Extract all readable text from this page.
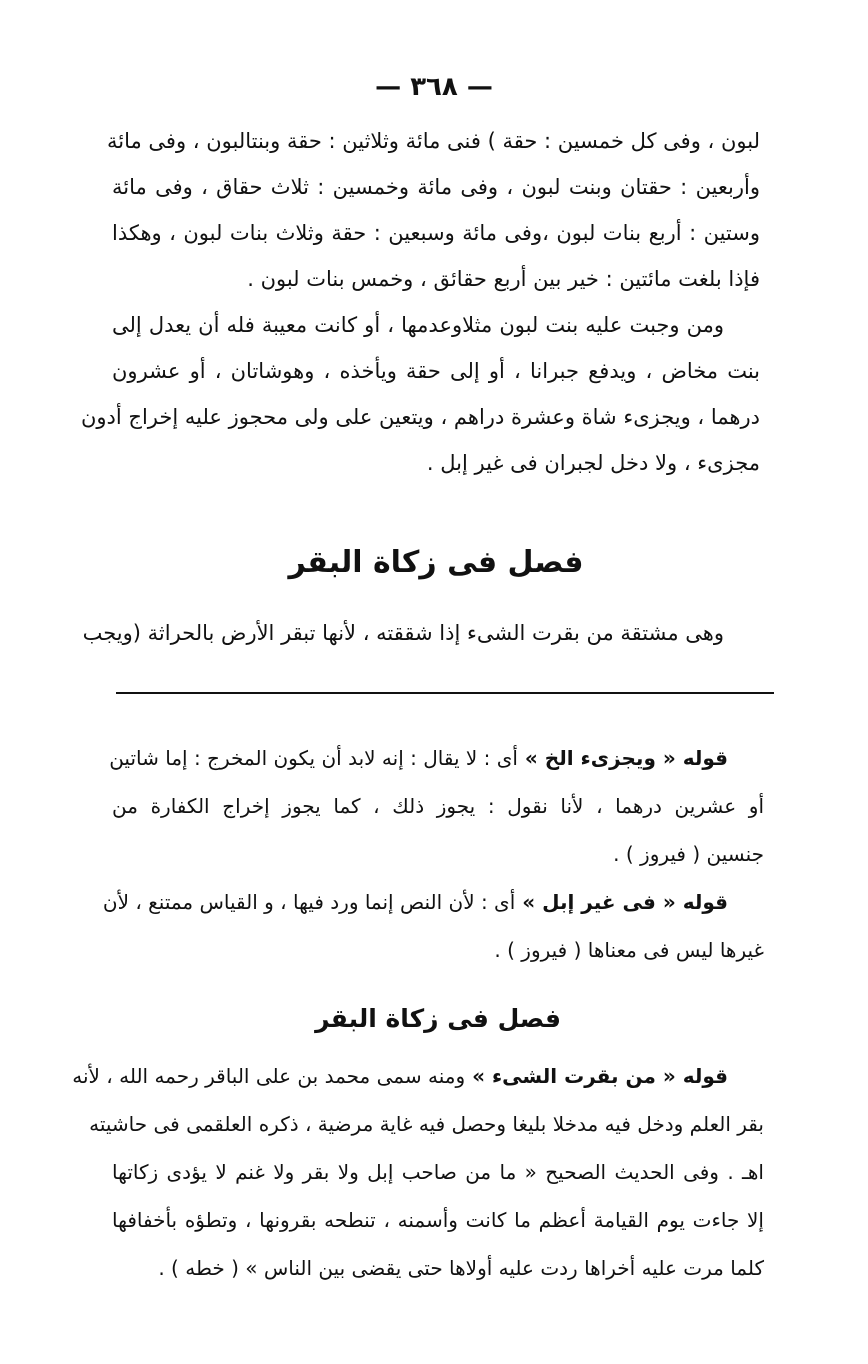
— ٣٦٨ —
لبون ، وفى كل خمسين : حقة ) فنى مائة وثلاثين : حقة وبنتالبون ، وفى مائة
وأربعين : حقتان وبنت لبون ، وفى مائة وخمسين : ثلاث حقاق ، وفى مائة
وستين : أربع بنات لبون ،وفى مائة وسبعين : حقة وثلاث بنات لبون ، وهكذا
فإذا بلغت مائتين : خير بين أربع حقائق ، وخمس بنات لبون .
ومن وجبت عليه بنت لبون مثلاوعدمها ، أو كانت معيبة فله أن يعدل إلى
بنت مخاض ، ويدفع جبرانا ، أو إلى حقة ويأخذه ، وهوشاتان ، أو عشرون
درهما ، ويجزىء شاة وعشرة دراهم ، ويتعين على ولى محجوز عليه إخراج أدون
مجزىء ، ولا دخل لجبران فى غير إبل .
فصل فى زكاة البقر
وهى مشتقة من بقرت الشىء إذا شققته ، لأنها تبقر الأرض بالحراثة (ويجب
قوله « ويجزىء الخ » أى : لا يقال : إنه لابد أن يكون المخرج : إما شاتين
أو عشرين درهما ، لأنا نقول : يجوز ذلك ، كما يجوز إخراج الكفارة من
جنسين ( فيروز ) .
قوله « فى غير إبل » أى : لأن النص إنما ورد فيها ، و القياس ممتنع ، لأن
غيرها ليس فى معناها ( فيروز ) .
فصل فى زكاة البقر
قوله « من بقرت الشىء » ومنه سمى محمد بن على الباقر رحمه الله ، لأنه
بقر العلم ودخل فيه مدخلا بليغا وحصل فيه غاية مرضية ، ذكره العلقمى فى حاشيته
اهـ . وفى الحديث الصحيح « ما من صاحب إبل ولا بقر ولا غنم لا يؤدى زكاتها
إلا جاءت يوم القيامة أعظم ما كانت وأسمنه ، تنطحه بقرونها ، وتطؤه بأخفافها
كلما مرت عليه أخراها ردت عليه أولاها حتى يقضى بين الناس » ( خطه ) .
